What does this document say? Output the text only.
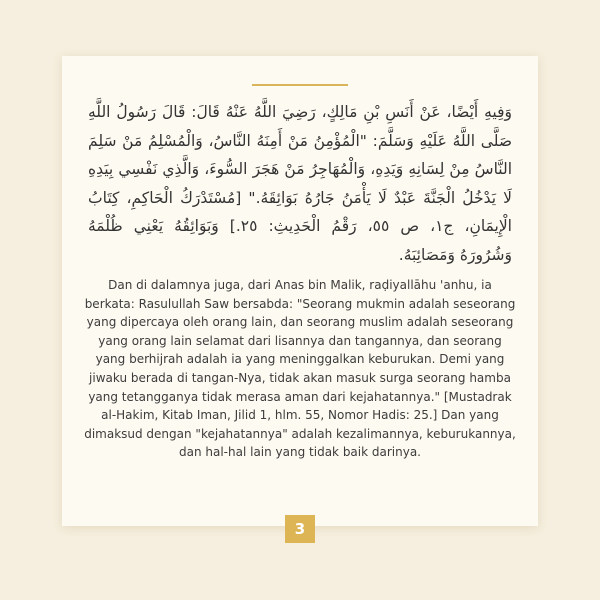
وَفِيهِ أَيْضًا، عَنْ أَنَسِ بْنِ مَالِكٍ، رَضِيَ اللَّهُ عَنْهُ قَالَ: قَالَ رَسُولُ اللَّهِ صَلَّى اللَّهُ عَلَيْهِ وَسَلَّمَ: "الْمُؤْمِنُ مَنْ أَمِنَهُ النَّاسُ، وَالْمُسْلِمُ مَنْ سَلِمَ النَّاسُ مِنْ لِسَانِهِ وَيَدِهِ، وَالْمُهَاجِرُ مَنْ هَجَرَ السُّوءَ، وَالَّذِي نَفْسِي بِيَدِهِ لَا يَدْخُلُ الْجَنَّةَ عَبْدٌ لَا يَأْمَنُ جَارُهُ بَوَائِقَهُ." [مُسْتَدْرَكُ الْحَاكِمِ، كِتَابُ الْإِيمَانِ، ج١، ص ٥٥، رَقْمُ الْحَدِيثِ: ٢٥.] وَبَوَائِقُهُ يَعْنِي ظُلْمَهُ وَشُرُورَهُ وَمَصَائِبَهُ.

Dan di dalamnya juga, dari Anas bin Malik, raḍiyallāhu 'anhu, ia berkata: Rasulullah Saw bersabda: "Seorang mukmin adalah seseorang yang dipercaya oleh orang lain, dan seorang muslim adalah seseorang yang orang lain selamat dari lisannya dan tangannya, dan seorang yang berhijrah adalah ia yang meninggalkan keburukan. Demi yang jiwaku berada di tangan-Nya, tidak akan masuk surga seorang hamba yang tetangganya tidak merasa aman dari kejahatannya." [Mustadrak al-Hakim, Kitab Iman, Jilid 1, hlm. 55, Nomor Hadis: 25.] Dan yang dimaksud dengan "kejahatannya" adalah kezalimannya, keburukannya, dan hal-hal lain yang tidak baik darinya.

3
